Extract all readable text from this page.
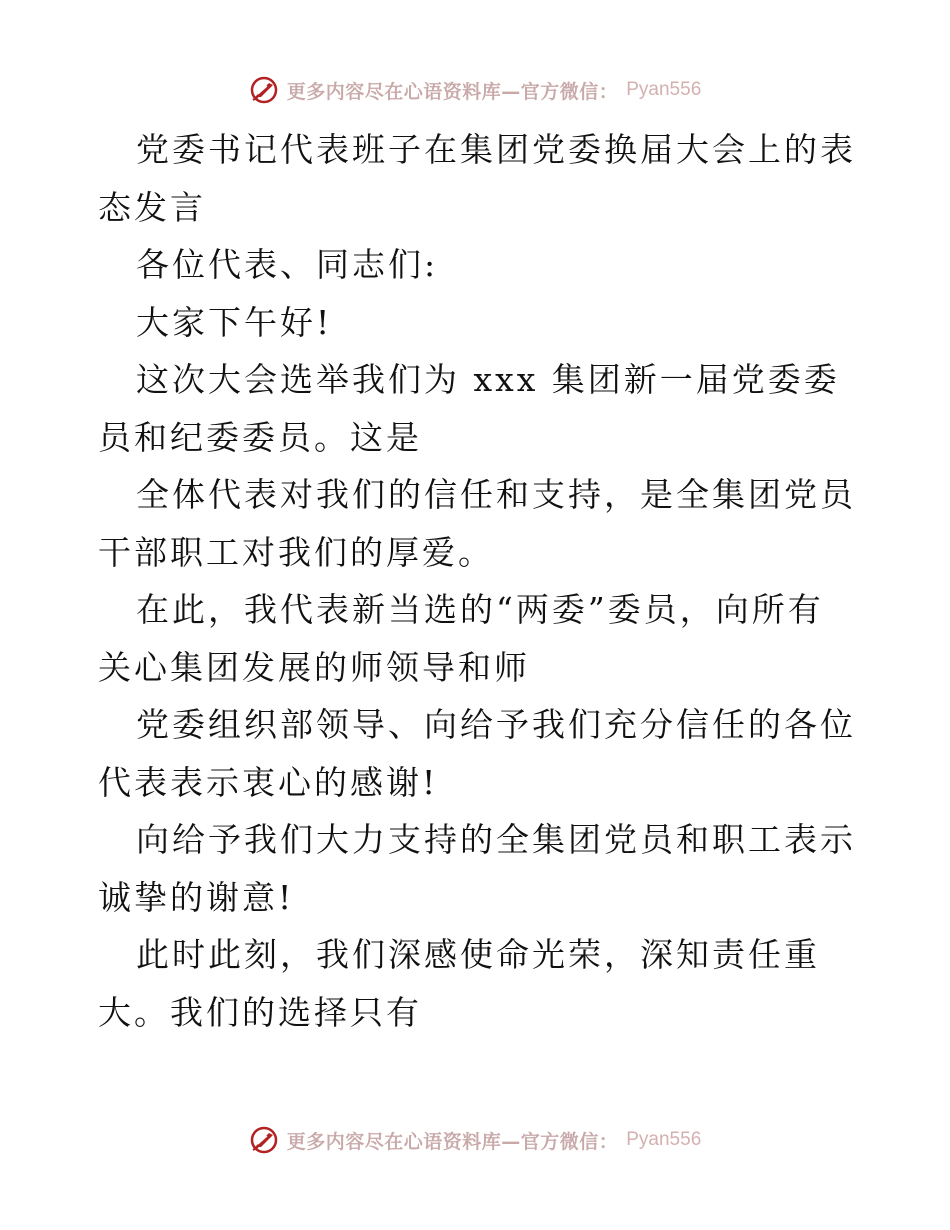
更多内容尽在心语资料库—官方微信： Pyan556

党委书记代表班子在集团党委换届大会上的表态发言

各位代表、同志们:

大家下午好!

这次大会选举我们为 xxx 集团新一届党委委员和纪委委员。这是

全体代表对我们的信任和支持，是全集团党员干部职工对我们的厚爱。

在此，我代表新当选的“两委”委员，向所有关心集团发展的师领导和师

党委组织部领导、向给予我们充分信任的各位代表表示衷心的感谢!

向给予我们大力支持的全集团党员和职工表示诚挚的谢意!

此时此刻，我们深感使命光荣，深知责任重大。我们的选择只有

更多内容尽在心语资料库—官方微信： Pyan556
